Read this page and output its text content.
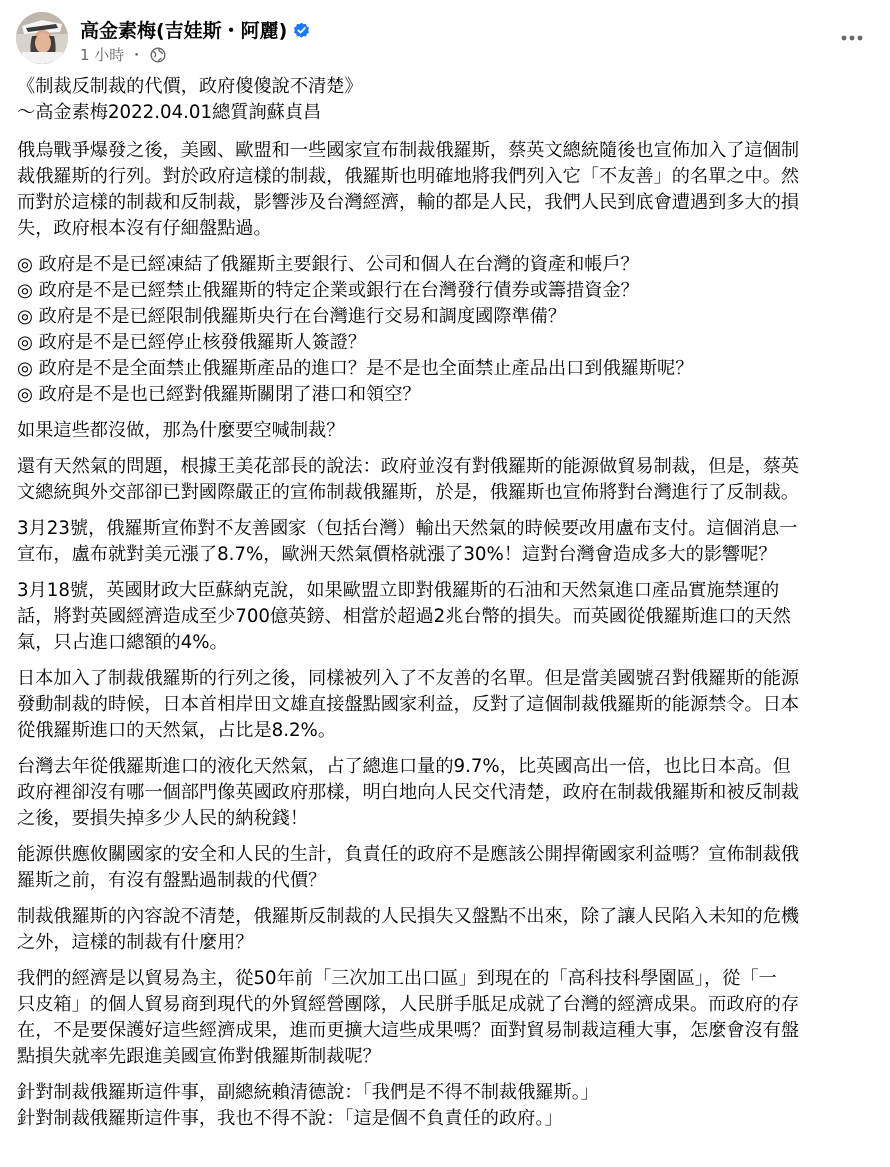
高金素梅(吉娃斯・阿麗)
1 小時 ・
《制裁反制裁的代價，政府傻傻說不清楚》
～高金素梅2022.04.01總質詢蘇貞昌
俄烏戰爭爆發之後，美國、歐盟和一些國家宣布制裁俄羅斯，蔡英文總統隨後也宣佈加入了這個制
裁俄羅斯的行列。對於政府這樣的制裁，俄羅斯也明確地將我們列入它「不友善」的名單之中。然
而對於這樣的制裁和反制裁，影響涉及台灣經濟，輸的都是人民，我們人民到底會遭遇到多大的損
失，政府根本沒有仔細盤點過。
◎ 政府是不是已經凍結了俄羅斯主要銀行、公司和個人在台灣的資產和帳戶？
◎ 政府是不是已經禁止俄羅斯的特定企業或銀行在台灣發行債券或籌措資金？
◎ 政府是不是已經限制俄羅斯央行在台灣進行交易和調度國際準備？
◎ 政府是不是已經停止核發俄羅斯人簽證？
◎ 政府是不是全面禁止俄羅斯產品的進口？是不是也全面禁止產品出口到俄羅斯呢？
◎ 政府是不是也已經對俄羅斯關閉了港口和領空？
如果這些都沒做，那為什麼要空喊制裁？
還有天然氣的問題，根據王美花部長的說法：政府並沒有對俄羅斯的能源做貿易制裁，但是，蔡英
文總統與外交部卻已對國際嚴正的宣佈制裁俄羅斯，於是，俄羅斯也宣佈將對台灣進行了反制裁。
3月23號，俄羅斯宣佈對不友善國家（包括台灣）輸出天然氣的時候要改用盧布支付。這個消息一
宣布，盧布就對美元漲了8.7%，歐洲天然氣價格就漲了30%！這對台灣會造成多大的影響呢？
3月18號，英國財政大臣蘇納克說，如果歐盟立即對俄羅斯的石油和天然氣進口產品實施禁運的
話，將對英國經濟造成至少700億英鎊、相當於超過2兆台幣的損失。而英國從俄羅斯進口的天然
氣，只占進口總額的4%。
日本加入了制裁俄羅斯的行列之後，同樣被列入了不友善的名單。但是當美國號召對俄羅斯的能源
發動制裁的時候，日本首相岸田文雄直接盤點國家利益，反對了這個制裁俄羅斯的能源禁令。日本
從俄羅斯進口的天然氣，占比是8.2%。
台灣去年從俄羅斯進口的液化天然氣，占了總進口量的9.7%，比英國高出一倍，也比日本高。但
政府裡卻沒有哪一個部門像英國政府那樣，明白地向人民交代清楚，政府在制裁俄羅斯和被反制裁
之後，要損失掉多少人民的納稅錢！
能源供應攸關國家的安全和人民的生計，負責任的政府不是應該公開捍衛國家利益嗎？宣佈制裁俄
羅斯之前，有沒有盤點過制裁的代價？
制裁俄羅斯的內容說不清楚，俄羅斯反制裁的人民損失又盤點不出來，除了讓人民陷入未知的危機
之外，這樣的制裁有什麼用？
我們的經濟是以貿易為主，從50年前「三次加工出口區」到現在的「高科技科學園區」，從「一
只皮箱」的個人貿易商到現代的外貿經營團隊，人民胼手胝足成就了台灣的經濟成果。而政府的存
在，不是要保護好這些經濟成果，進而更擴大這些成果嗎？面對貿易制裁這種大事，怎麼會沒有盤
點損失就率先跟進美國宣佈對俄羅斯制裁呢？
針對制裁俄羅斯這件事，副總統賴清德說：「我們是不得不制裁俄羅斯。」
針對制裁俄羅斯這件事，我也不得不說：「這是個不負責任的政府。」
